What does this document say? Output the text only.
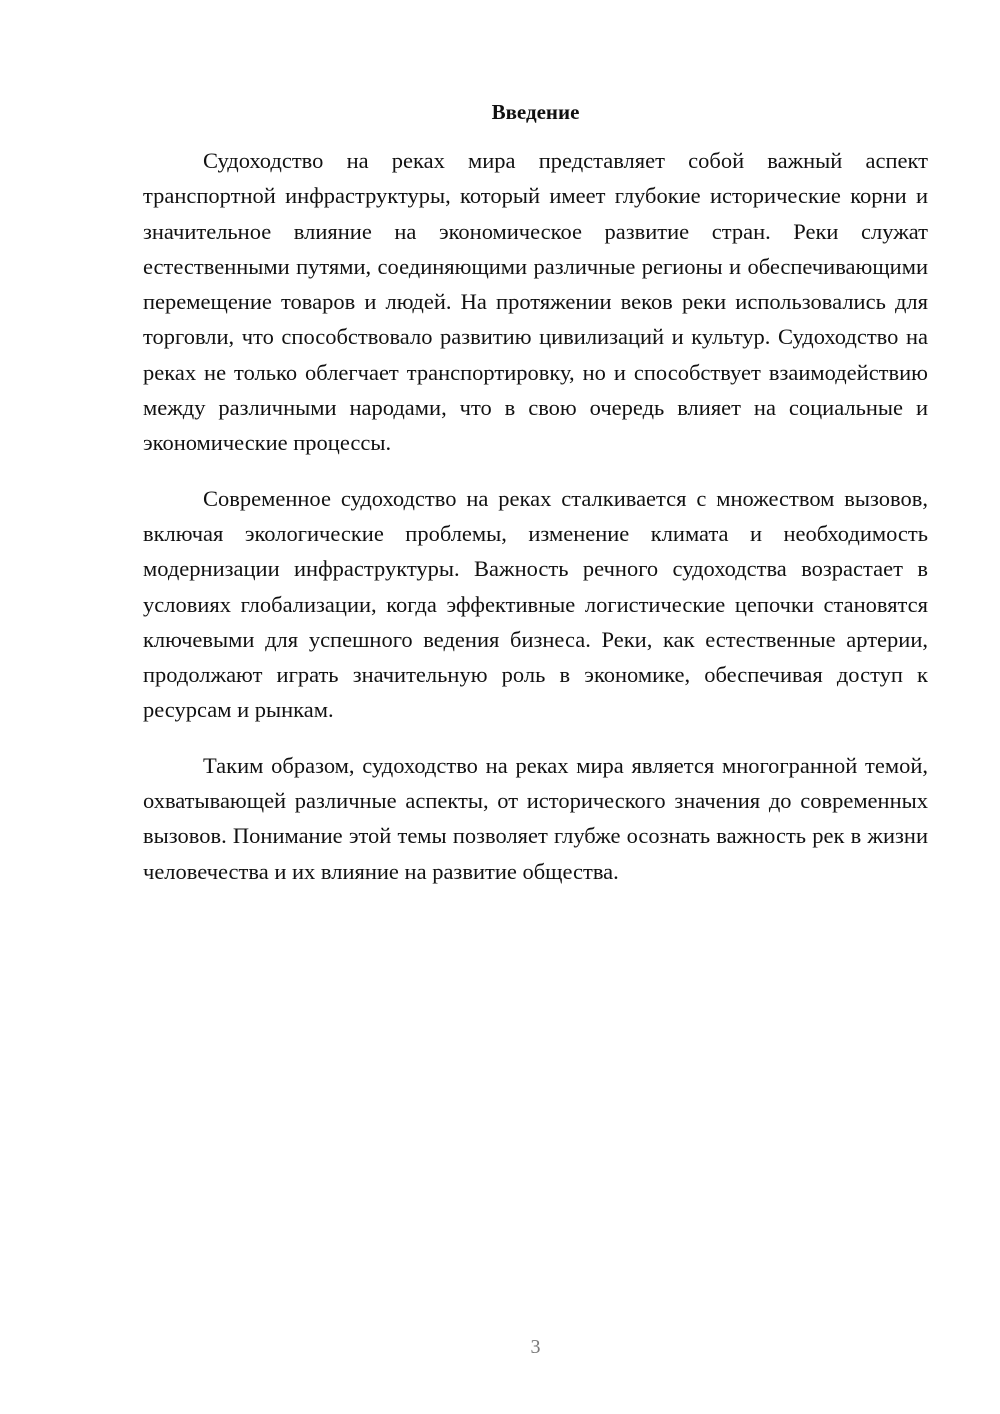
Введение

Судоходство на реках мира представляет собой важный аспект транспортной инфраструктуры, который имеет глубокие исторические корни и значительное влияние на экономическое развитие стран. Реки служат естественными путями, соединяющими различные регионы и обеспечивающими перемещение товаров и людей. На протяжении веков реки использовались для торговли, что способствовало развитию цивилизаций и культур. Судоходство на реках не только облегчает транспортировку, но и способствует взаимодействию между различными народами, что в свою очередь влияет на социальные и экономические процессы.

Современное судоходство на реках сталкивается с множеством вызовов, включая экологические проблемы, изменение климата и необходимость модернизации инфраструктуры. Важность речного судоходства возрастает в условиях глобализации, когда эффективные логистические цепочки становятся ключевыми для успешного ведения бизнеса. Реки, как естественные артерии, продолжают играть значительную роль в экономике, обеспечивая доступ к ресурсам и рынкам.

Таким образом, судоходство на реках мира является многогранной темой, охватывающей различные аспекты, от исторического значения до современных вызовов. Понимание этой темы позволяет глубже осознать важность рек в жизни человечества и их влияние на развитие общества.

3
